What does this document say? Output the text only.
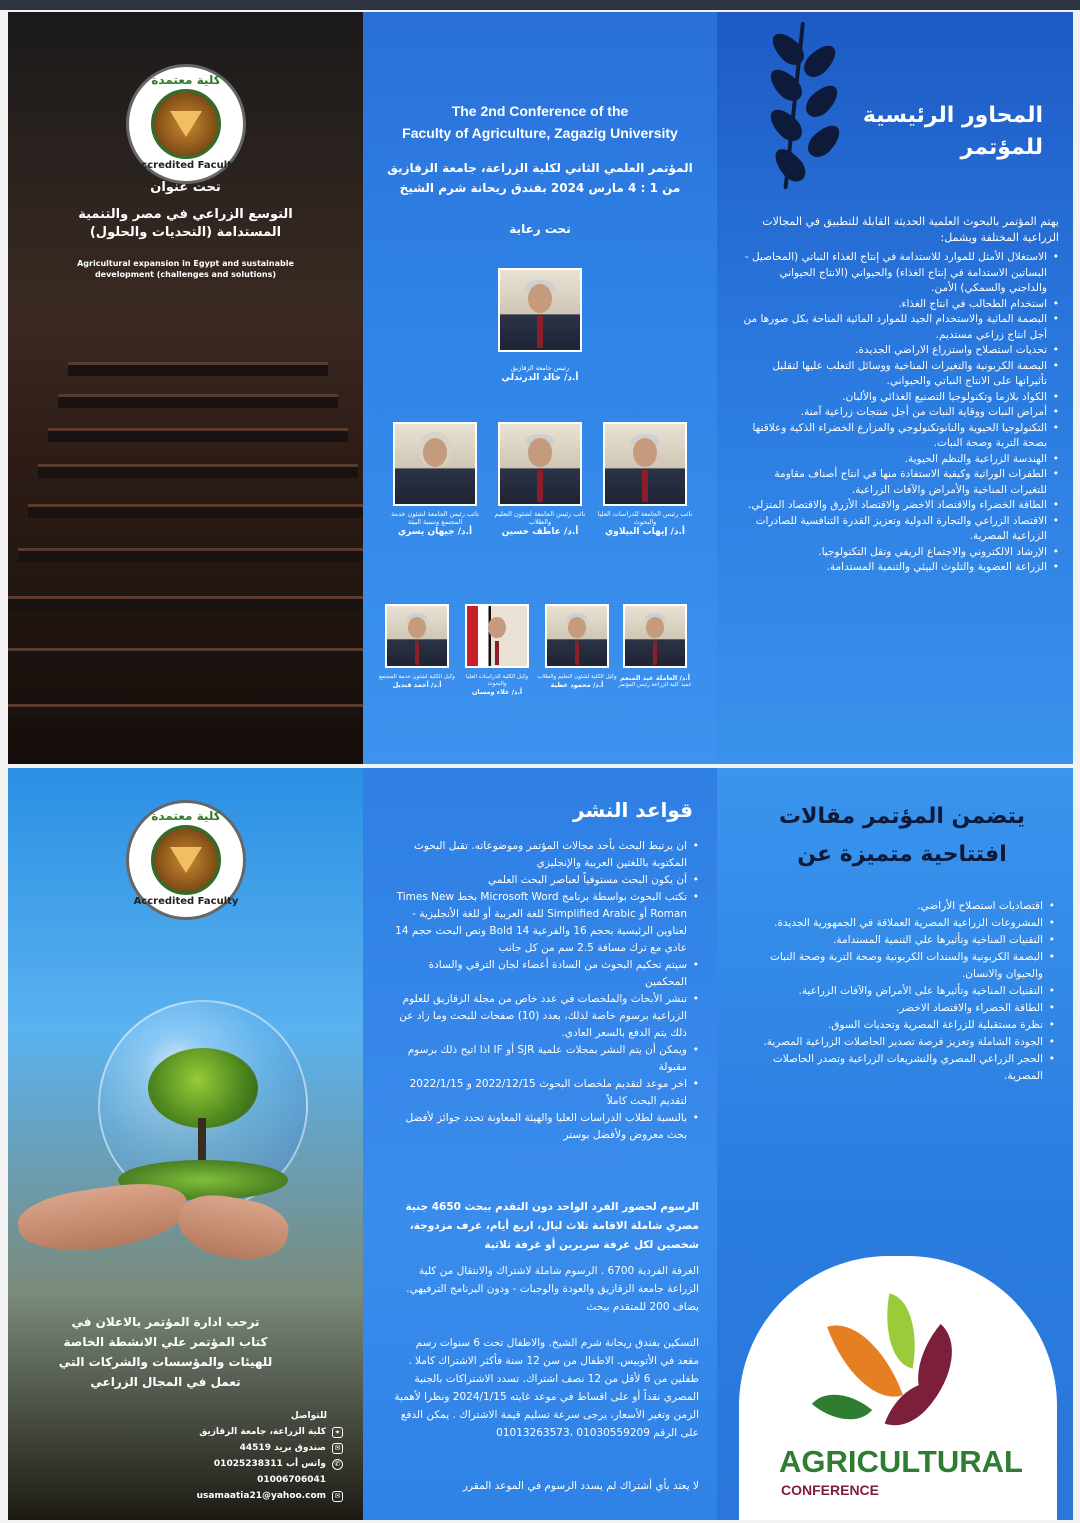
كلية معتمدة
Accredited Faculty
تحت عنوان
التوسع الزراعي في مصر والتنمية
المستدامة (التحديات والحلول)
Agricultural expansion in Egypt and sustainable
development (challenges and solutions)
The 2nd Conference of the
Faculty of Agriculture, Zagazig University
المؤتمر العلمي الثاني لكلية الزراعة، جامعة الزقازيق
من 1 : 4 مارس 2024 بفندق ريحانة شرم الشيخ
تحت رعاية
رئيس جامعة الزقازيق
أ.د/ خالد الدرندلي
نائب رئيس الجامعة للدراسات العليا والبحوث
أ.د/ إيهاب البيلاوي
نائب رئيس الجامعة لشئون التعليم والطلاب
أ.د/ عاطف حسين
نائب رئيس الجامعة لشئون خدمة المجتمع وتنمية البيئة
أ.د/ جيهان يسري
أ.د/ العاملة عبد المنعم
عميد كلية الزراعة رئيس المؤتمر
وكيل الكلية لشئون التعليم والطلاب
أ.د/ محمود عطية
وكيل الكلية للدراسات العليا والبحوث
أ.د/ علاء ومسان
وكيل الكلية لشئون خدمة المجتمع
أ.د/ أحمد قنديل
المحاور الرئيسية
للمؤتمر
يهتم المؤتمر بالبحوث العلمية الحديثة القابلة للتطبيق في المجالات الزراعية المختلفة ويشمل:
• الاستغلال الأمثل للموارد للاستدامة في إنتاج الغذاء النباتي (المحاصيل - البساتين الاستدامة في إنتاج الغذاء) والحيواني (الانتاج الحيواني والداجني والسمكي) الأمن.
• استخدام الطحالب في انتاج الغذاء.
• البصمة المائية والاستخدام الجيد للموارد المائية المتاحة بكل صورها من أجل انتاج زراعي مستديم.
• تحديات استصلاح واستزراع الاراضي الجديدة.
• البصمة الكربونية والتغيرات المناخية ووسائل التغلب عليها لتقليل تأثيراتها على الانتاج النباتي والحيواني.
• الكواد بلازما وتكنولوجيا التصنيع الغذائي والألبان.
• أمراض النبات ووقاية النبات من أجل منتجات زراعية آمنة.
• التكنولوجيا الحيوية والنانوتكنولوجي والمزارع الخضراء الذكية وعلاقتها بصحة التربة وصحة النبات.
• الهندسة الزراعية والنظم الحيوية.
• الطفرات الوراثية وكيفية الاستفادة منها في انتاج أصناف مقاومة للتغيرات المناخية والأمراض والآفات الزراعية.
• الطاقة الخضراء والاقتصاد الاخضر والاقتصاد الأزرق والاقتصاد المنزلي.
• الاقتصاد الزراعي والتجارة الدولية وتعزيز القدرة التنافسية للصادرات الزراعية المصرية.
• الإرشاد الالكتروني والاجتماع الريفي ونقل التكنولوجيا.
• الزراعة العضوية والتلوث البيئي والتنمية المستدامة.
كلية معتمدة
Accredited Faculty
ترحب ادارة المؤتمر بالاعلان في
كتاب المؤتمر علي الانشطة الخاصة
للهيئات والمؤسسات والشركات التي
تعمل في المجال الزراعي
للتواصل
⌖
كلية الزراعة، جامعة الزقازيق
✉
صندوق بريد 44519
✆
واتس أب 01025238311
01006706041
✉
usamaatia21@yahoo.com
قواعد النشر
• ان يرتبط البحث بأحد مجالات المؤتمر وموضوعاته. تقبل البحوث المكتوبة باللغتين العربية والإنجليزي
• أن يكون البحث مستوفياً لعناصر البحث العلمي
• تكتب البحوث بواسطة برنامج Microsoft Word بخط Times New Roman أو Simplified Arabic للغة العربية أو للغة الأنجليزية - لعناوين الرئيسية بحجم 16 والفرعية 14 Bold ونص البحث حجم 14 عادي مع ترك مسافة 2.5 سم من كل جانب
• سيتم تحكيم البحوث من السادة أعضاء لجان الترقي والسادة المحكمين
• تنشر الأبحاث والملخصات في عدد خاص من مجلة الزقازيق للعلوم الزراعية برسوم خاصة لذلك، بعدد (10) صفحات للبحث وما زاد عن ذلك يتم الدفع بالسعر العادي.
• ويمكن أن يتم النشر بمجلات علمية SJR أو IF اذا اتيح ذلك برسوم مقبولة
• اخر موعد لتقديم ملخصات البحوث 2022/12/15 و 2022/1/15 لتقديم البحث كاملاً
• بالنسبة لطلاب الدراسات العليا والهيئة المعاونة تحدد جوائز لأفضل بحث معروض ولأفضل بوستر
الرسوم لحضور الفرد الواحد دون التقدم ببحث 4650 جنية مصري شاملة الاقامة ثلاث ليال، اربع أيام، غرف مزدوجة، شخصين لكل غرفة سريرين أو غرفة ثلاثية
الغرفة الفردية 6700 . الرسوم شاملة لاشتراك والانتقال من كلية الزراعة جامعة الزقازيق والعودة والوجبات - ودون البرنامج الترفيهي. يضاف 200 للمتقدم ببحث
التسكين بفندق ريحانة شرم الشيخ. والاطفال تحت 6 سنوات رسم مقعد في الأتوبيس. الاطفال من سن 12 سنة فأكثر الاشتراك كاملا . طفلين من 6 لأقل من 12 نصف اشتراك. تسدد الاشتراكات بالجنية المصري نقداً أو على اقساط في موعد غايته 2024/1/15 ونظرا لأهمية الزمن وتغير الأسعار، يرجى سرعة تسليم قيمة الاشتراك . يمكن الدفع على الرقم 01030559209 ،01013263573
لا يعتد بأي أشتراك لم يسدد الرسوم في الموعد المقرر
يتضمن المؤتمر مقالات
افتتاحية متميزة عن
• اقتصاديات استصلاح الأراضي.
• المشروعات الزراعية المصرية العملاقة في الجمهورية الجديدة.
• التقنيات المناخية وتأثيرها علي التنمية المستدامة.
• البصمة الكربونية والسندات الكربونية وصحة التربة وصحة النبات والحيوان والانسان.
• التقنيات المناخية وتأثيرها على الأمراض والآفات الزراعية.
• الطاقة الخضراء والاقتصاد الاخضر.
• نظرة مستقبلية للزراعة المصرية وتحديات السوق.
• الجودة الشاملة وتعزيز فرصة تصدير الحاصلات الزراعية المصرية.
• الحجر الزراعي المصري والتشريعات الزراعية وتصدر الحاصلات المصرية.
AGRICULTURAL
CONFERENCE
